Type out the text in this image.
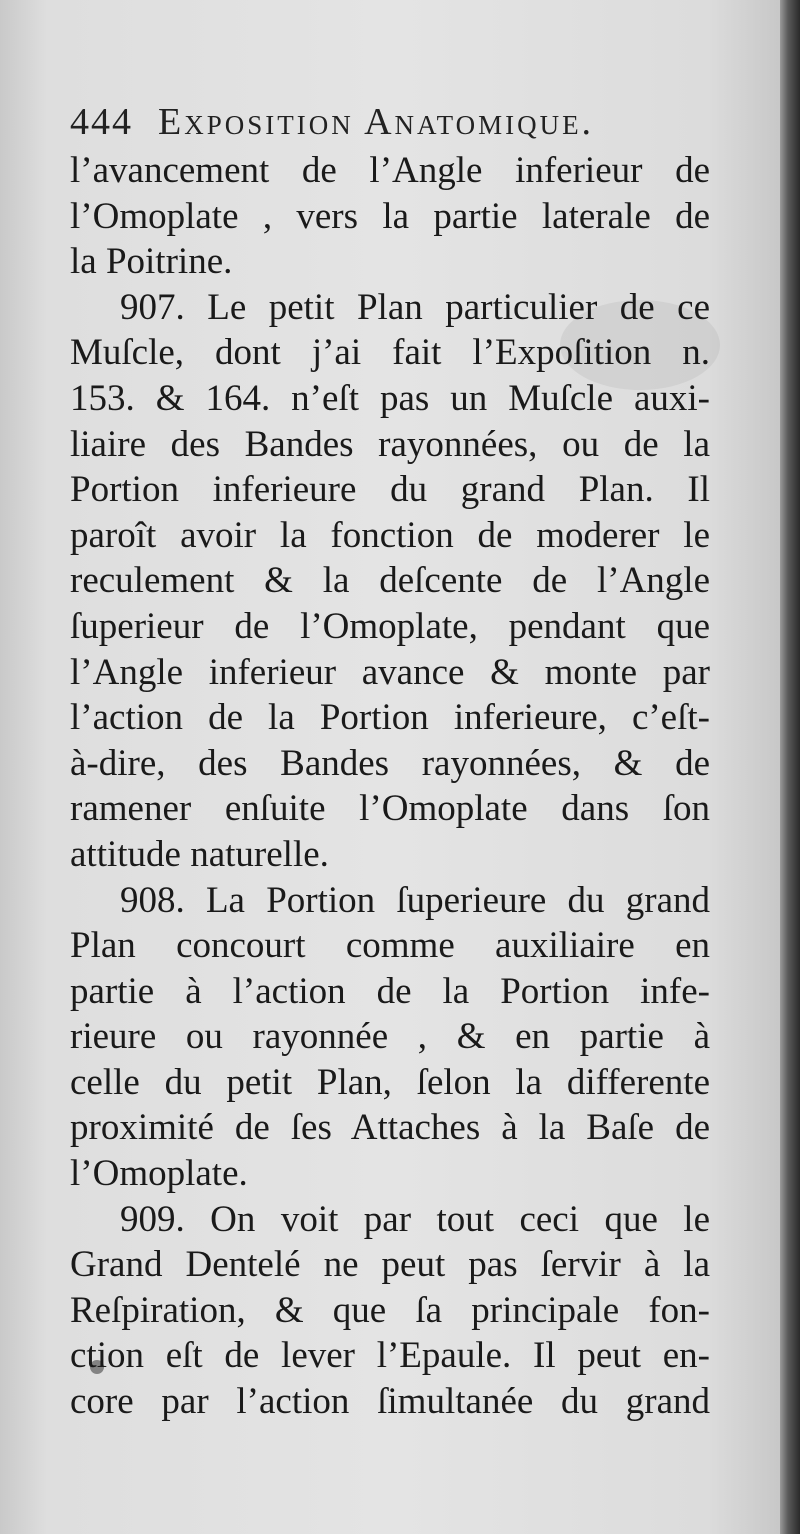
444 Exposition Anatomique.
l’avancement de l’Angle inferieur de
l’Omoplate , vers la partie laterale de
la Poitrine.
907. Le petit Plan particulier de ce
Muſcle, dont j’ai fait l’Expoſition n.
153. & 164. n’eſt pas un Muſcle auxi-
liaire des Bandes rayonnées, ou de la
Portion inferieure du grand Plan. Il
paroît avoir la fonction de moderer le
reculement & la deſcente de l’Angle
ſuperieur de l’Omoplate, pendant que
l’Angle inferieur avance & monte par
l’action de la Portion inferieure, c’eſt-
à-dire, des Bandes rayonnées, & de
ramener enſuite l’Omoplate dans ſon
attitude naturelle.
908. La Portion ſuperieure du grand
Plan concourt comme auxiliaire en
partie à l’action de la Portion infe-
rieure ou rayonnée , & en partie à
celle du petit Plan, ſelon la differente
proximité de ſes Attaches à la Baſe de
l’Omoplate.
909. On voit par tout ceci que le
Grand Dentelé ne peut pas ſervir à la
Reſpiration, & que ſa principale fon-
ction eſt de lever l’Epaule. Il peut en-
core par l’action ſimultanée du grand
